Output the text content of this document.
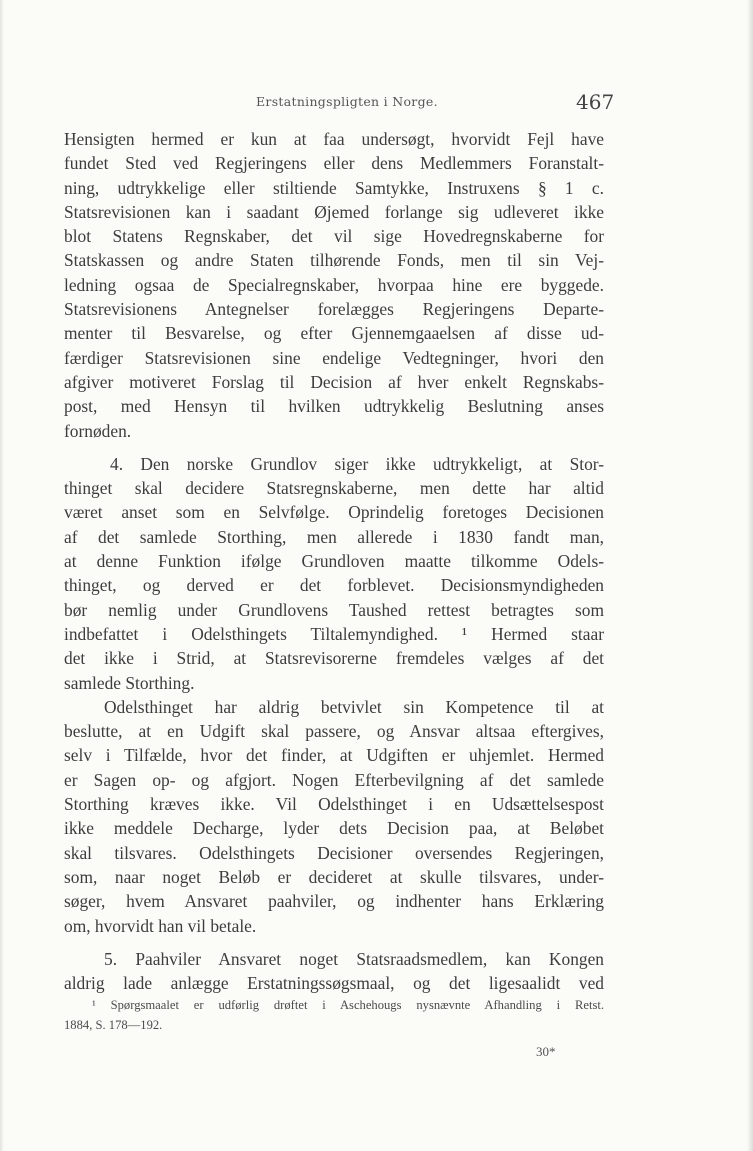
Erstatningspligten i Norge.	467
Hensigten hermed er kun at faa undersøgt, hvorvidt Fejl have
fundet Sted ved Regjeringens eller dens Medlemmers Foranstalt-
ning, udtrykkelige eller stiltiende Samtykke, Instruxens § 1 c.
Statsrevisionen kan i saadant Øjemed forlange sig udleveret ikke
blot Statens Regnskaber, det vil sige Hovedregnskaberne for
Statskassen og andre Staten tilhørende Fonds, men til sin Vej-
ledning ogsaa de Specialregnskaber, hvorpaa hine ere byggede.
Statsrevisionens Antegnelser forelægges Regjeringens Departe-
menter til Besvarelse, og efter Gjennemgaaelsen af disse ud-
færdiger Statsrevisionen sine endelige Vedtegninger, hvori den
afgiver motiveret Forslag til Decision af hver enkelt Regnskabs-
post, med Hensyn til hvilken udtrykkelig Beslutning anses
fornøden.
4. Den norske Grundlov siger ikke udtrykkeligt, at Stor-
thinget skal decidere Statsregnskaberne, men dette har altid
været anset som en Selvfølge. Oprindelig foretoges Decisionen
af det samlede Storthing, men allerede i 1830 fandt man,
at denne Funktion ifølge Grundloven maatte tilkomme Odels-
thinget, og derved er det forblevet. Decisionsmyndigheden
bør nemlig under Grundlovens Taushed rettest betragtes som
indbefattet i Odelsthingets Tiltalemyndighed. ¹ Hermed staar
det ikke i Strid, at Statsrevisorerne fremdeles vælges af det
samlede Storthing.
Odelsthinget har aldrig betvivlet sin Kompetence til at
beslutte, at en Udgift skal passere, og Ansvar altsaa eftergives,
selv i Tilfælde, hvor det finder, at Udgiften er uhjemlet. Hermed
er Sagen op- og afgjort. Nogen Efterbevilgning af det samlede
Storthing kræves ikke. Vil Odelsthinget i en Udsættelsespost
ikke meddele Decharge, lyder dets Decision paa, at Beløbet
skal tilsvares. Odelsthingets Decisioner oversendes Regjeringen,
som, naar noget Beløb er decideret at skulle tilsvares, under-
søger, hvem Ansvaret paahviler, og indhenter hans Erklæring
om, hvorvidt han vil betale.
5. Paahviler Ansvaret noget Statsraadsmedlem, kan Kongen
aldrig lade anlægge Erstatningssøgsmaal, og det ligesaalidt ved
¹ Spørgsmaalet er udførlig drøftet i Aschehougs nysnævnte Afhandling i Retst.
1884, S. 178—192.
30*
